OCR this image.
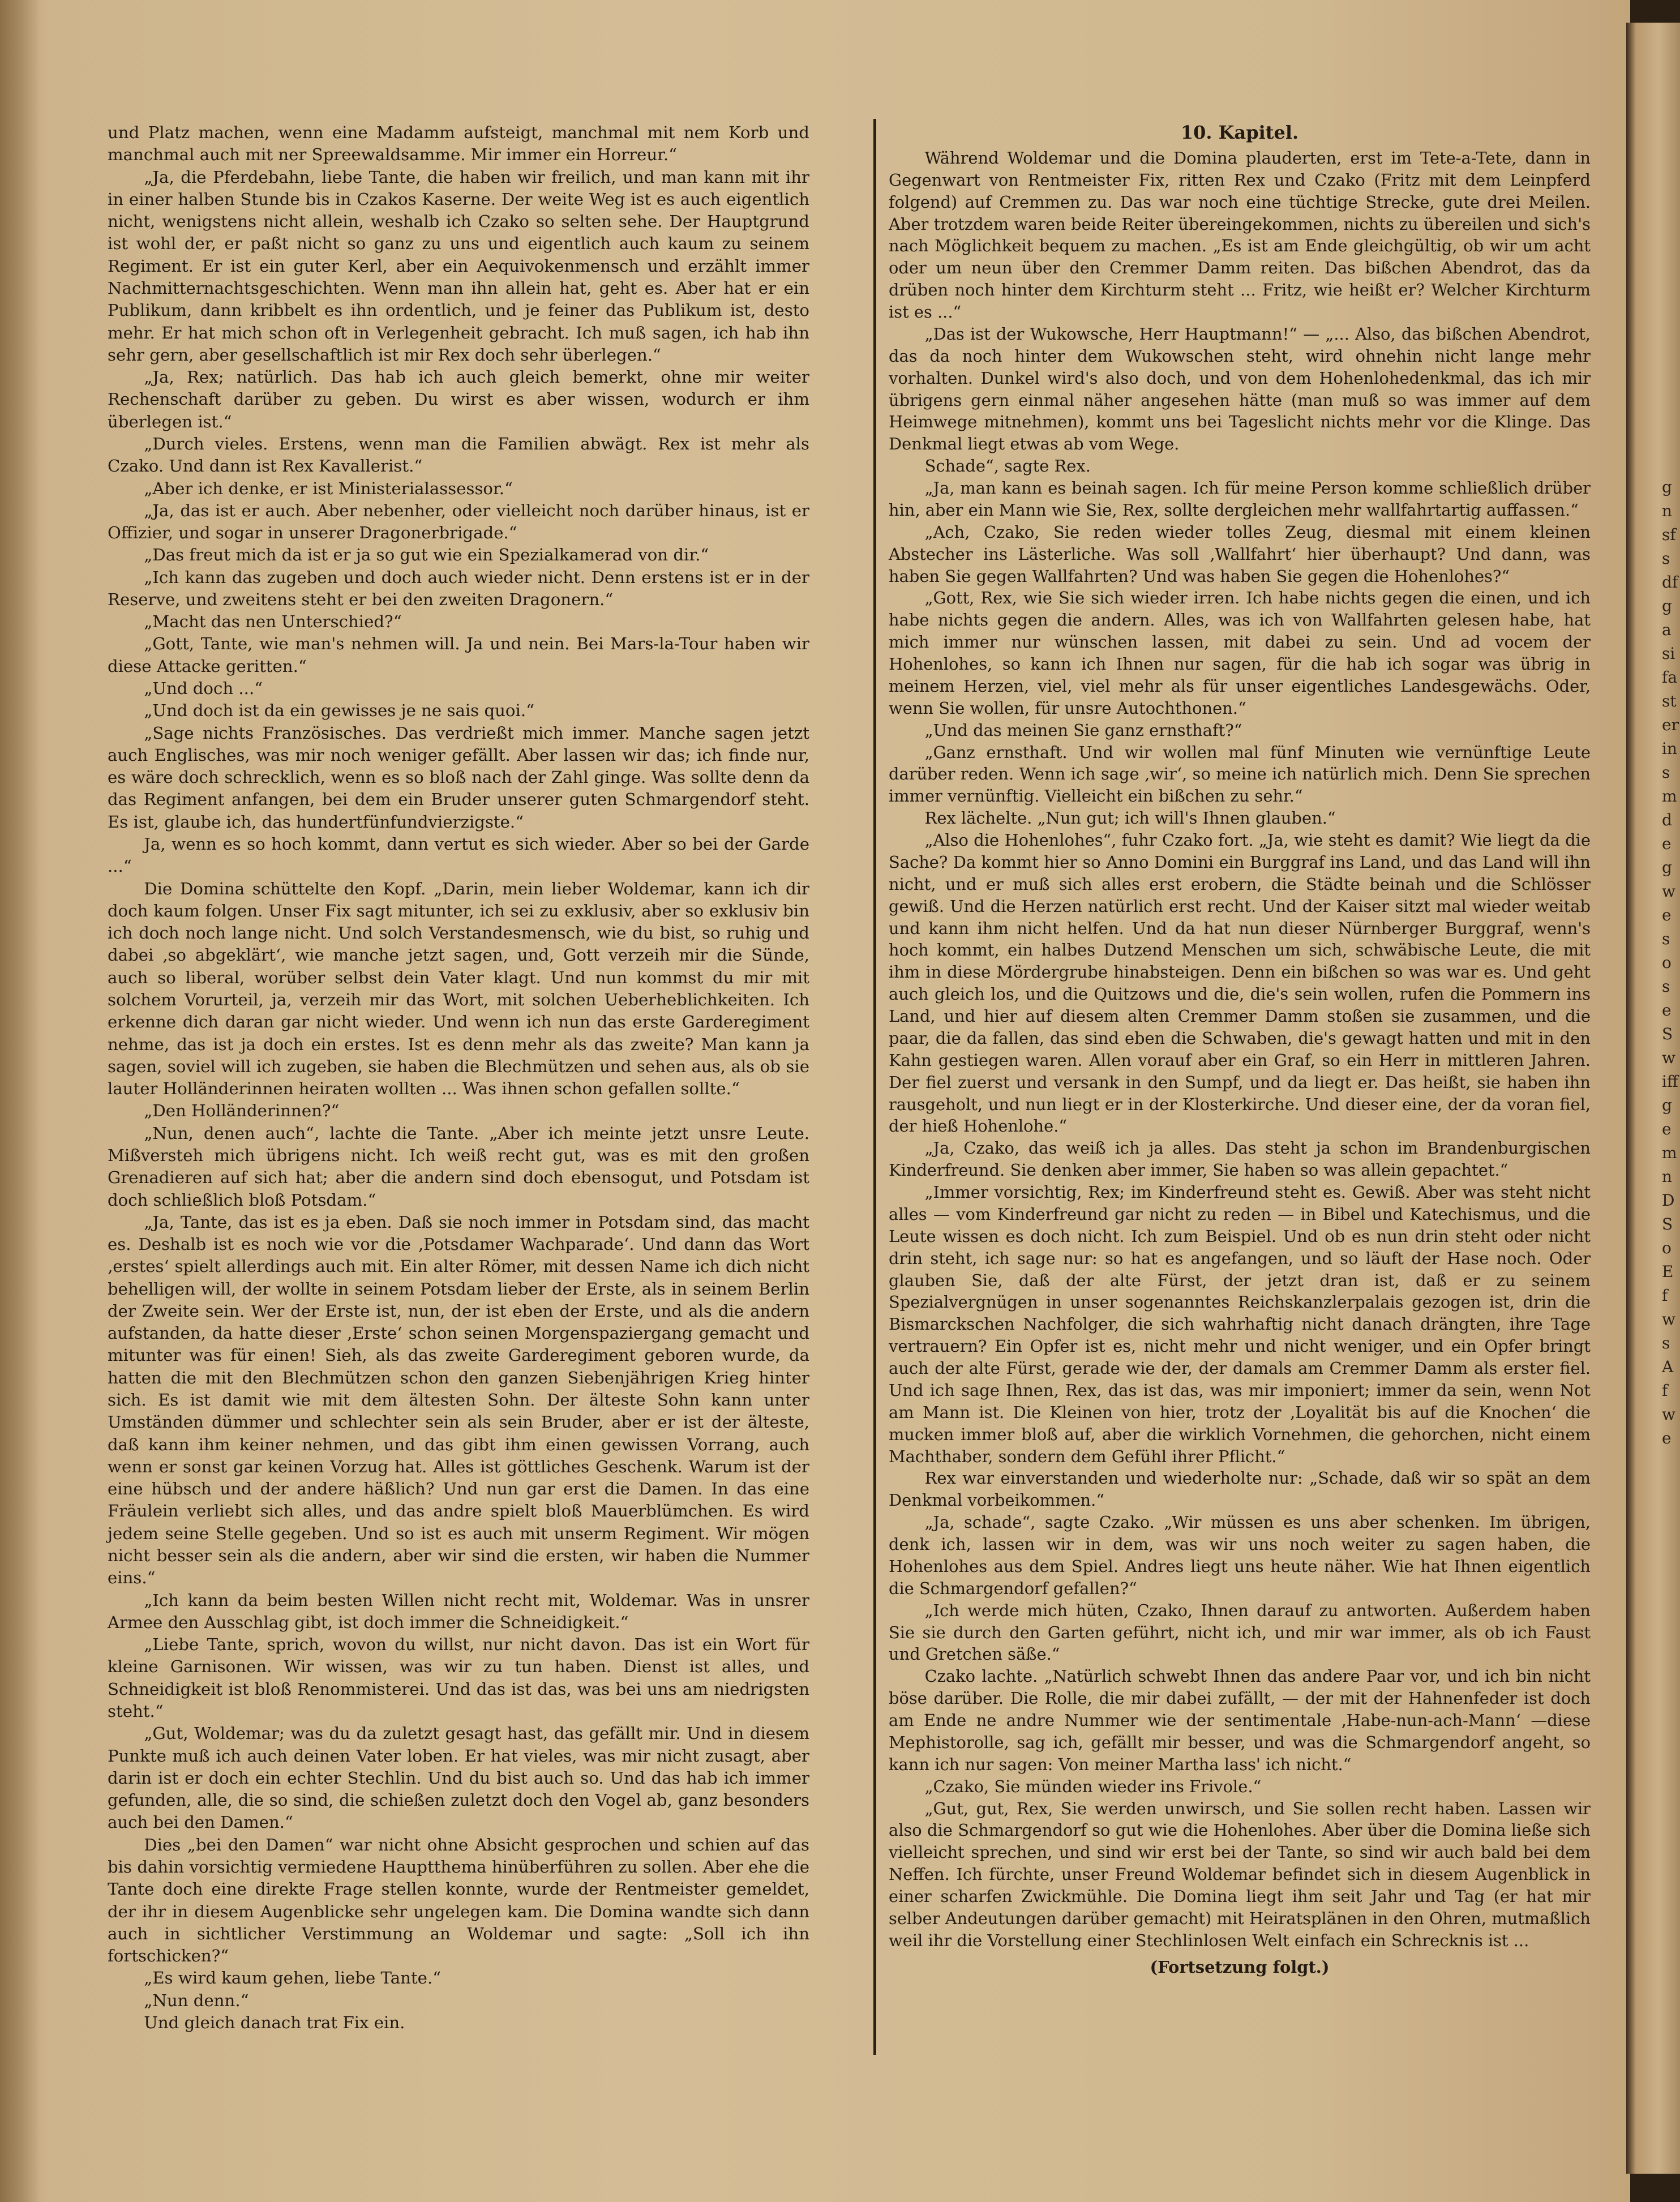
und Platz machen, wenn eine Madamm aufsteigt, manchmal mit nem Korb und manchmal auch mit ner Spreewaldsamme. Mir immer ein Horreur.“

„Ja, die Pferdebahn, liebe Tante, die haben wir freilich, und man kann mit ihr in einer halben Stunde bis in Czakos Kaserne. Der weite Weg ist es auch eigentlich nicht, wenigstens nicht allein, weshalb ich Czako so selten sehe. Der Hauptgrund ist wohl der, er paßt nicht so ganz zu uns und eigentlich auch kaum zu seinem Regiment. Er ist ein guter Kerl, aber ein Aequivokenmensch und erzählt immer Nachmitternachtsgeschichten. Wenn man ihn allein hat, geht es. Aber hat er ein Publikum, dann kribbelt es ihn ordentlich, und je feiner das Publikum ist, desto mehr. Er hat mich schon oft in Verlegenheit gebracht. Ich muß sagen, ich hab ihn sehr gern, aber gesellschaftlich ist mir Rex doch sehr überlegen.“

„Ja, Rex; natürlich. Das hab ich auch gleich bemerkt, ohne mir weiter Rechenschaft darüber zu geben. Du wirst es aber wissen, wodurch er ihm überlegen ist.“

„Durch vieles. Erstens, wenn man die Familien abwägt. Rex ist mehr als Czako. Und dann ist Rex Kavallerist.“

„Aber ich denke, er ist Ministerialassessor.“

„Ja, das ist er auch. Aber nebenher, oder vielleicht noch darüber hinaus, ist er Offizier, und sogar in unserer Dragonerbrigade.“

„Das freut mich da ist er ja so gut wie ein Spezialkamerad von dir.“

„Ich kann das zugeben und doch auch wieder nicht. Denn erstens ist er in der Reserve, und zweitens steht er bei den zweiten Dragonern.“

„Macht das nen Unterschied?“

„Gott, Tante, wie man's nehmen will. Ja und nein. Bei Mars-la-Tour haben wir diese Attacke geritten.“

„Und doch ...“

„Und doch ist da ein gewisses je ne sais quoi.“

„Sage nichts Französisches. Das verdrießt mich immer. Manche sagen jetzt auch Englisches, was mir noch weniger gefällt. Aber lassen wir das; ich finde nur, es wäre doch schrecklich, wenn es so bloß nach der Zahl ginge. Was sollte denn da das Regiment anfangen, bei dem ein Bruder unserer guten Schmargendorf steht. Es ist, glaube ich, das hundertfünfundvierzigste.“

Ja, wenn es so hoch kommt, dann vertut es sich wieder. Aber so bei der Garde ...“

Die Domina schüttelte den Kopf. „Darin, mein lieber Woldemar, kann ich dir doch kaum folgen. Unser Fix sagt mitunter, ich sei zu exklusiv, aber so exklusiv bin ich doch noch lange nicht. Und solch Verstandesmensch, wie du bist, so ruhig und dabei ‚so abgeklärt‘, wie manche jetzt sagen, und, Gott verzeih mir die Sünde, auch so liberal, worüber selbst dein Vater klagt. Und nun kommst du mir mit solchem Vorurteil, ja, verzeih mir das Wort, mit solchen Ueberheblichkeiten. Ich erkenne dich daran gar nicht wieder. Und wenn ich nun das erste Garderegiment nehme, das ist ja doch ein erstes. Ist es denn mehr als das zweite? Man kann ja sagen, soviel will ich zugeben, sie haben die Blechmützen und sehen aus, als ob sie lauter Holländerinnen heiraten wollten ... Was ihnen schon gefallen sollte.“

„Den Holländerinnen?“

„Nun, denen auch“, lachte die Tante. „Aber ich meinte jetzt unsre Leute. Mißversteh mich übrigens nicht. Ich weiß recht gut, was es mit den großen Grenadieren auf sich hat; aber die andern sind doch ebensogut, und Potsdam ist doch schließlich bloß Potsdam.“

„Ja, Tante, das ist es ja eben. Daß sie noch immer in Potsdam sind, das macht es. Deshalb ist es noch wie vor die ‚Potsdamer Wachparade‘. Und dann das Wort ‚erstes‘ spielt allerdings auch mit. Ein alter Römer, mit dessen Name ich dich nicht behelligen will, der wollte in seinem Potsdam lieber der Erste, als in seinem Berlin der Zweite sein. Wer der Erste ist, nun, der ist eben der Erste, und als die andern aufstanden, da hatte dieser ‚Erste‘ schon seinen Morgenspaziergang gemacht und mitunter was für einen! Sieh, als das zweite Garderegiment geboren wurde, da hatten die mit den Blechmützen schon den ganzen Siebenjährigen Krieg hinter sich. Es ist damit wie mit dem ältesten Sohn. Der älteste Sohn kann unter Umständen dümmer und schlechter sein als sein Bruder, aber er ist der älteste, daß kann ihm keiner nehmen, und das gibt ihm einen gewissen Vorrang, auch wenn er sonst gar keinen Vorzug hat. Alles ist göttliches Geschenk. Warum ist der eine hübsch und der andere häßlich? Und nun gar erst die Damen. In das eine Fräulein verliebt sich alles, und das andre spielt bloß Mauerblümchen. Es wird jedem seine Stelle gegeben. Und so ist es auch mit unserm Regiment. Wir mögen nicht besser sein als die andern, aber wir sind die ersten, wir haben die Nummer eins.“

„Ich kann da beim besten Willen nicht recht mit, Woldemar. Was in unsrer Armee den Ausschlag gibt, ist doch immer die Schneidigkeit.“

„Liebe Tante, sprich, wovon du willst, nur nicht davon. Das ist ein Wort für kleine Garnisonen. Wir wissen, was wir zu tun haben. Dienst ist alles, und Schneidigkeit ist bloß Renommisterei. Und das ist das, was bei uns am niedrigsten steht.“

„Gut, Woldemar; was du da zuletzt gesagt hast, das gefällt mir. Und in diesem Punkte muß ich auch deinen Vater loben. Er hat vieles, was mir nicht zusagt, aber darin ist er doch ein echter Stechlin. Und du bist auch so. Und das hab ich immer gefunden, alle, die so sind, die schießen zuletzt doch den Vogel ab, ganz besonders auch bei den Damen.“

Dies „bei den Damen“ war nicht ohne Absicht gesprochen und schien auf das bis dahin vorsichtig vermiedene Hauptthema hinüberführen zu sollen. Aber ehe die Tante doch eine direkte Frage stellen konnte, wurde der Rentmeister gemeldet, der ihr in diesem Augenblicke sehr ungelegen kam. Die Domina wandte sich dann auch in sichtlicher Verstimmung an Woldemar und sagte: „Soll ich ihn fortschicken?“

„Es wird kaum gehen, liebe Tante.“

„Nun denn.“

Und gleich danach trat Fix ein.

10. Kapitel.

Während Woldemar und die Domina plauderten, erst im Tete-a-Tete, dann in Gegenwart von Rentmeister Fix, ritten Rex und Czako (Fritz mit dem Leinpferd folgend) auf Cremmen zu. Das war noch eine tüchtige Strecke, gute drei Meilen. Aber trotzdem waren beide Reiter übereingekommen, nichts zu übereilen und sich's nach Möglichkeit bequem zu machen. „Es ist am Ende gleichgültig, ob wir um acht oder um neun über den Cremmer Damm reiten. Das bißchen Abendrot, das da drüben noch hinter dem Kirchturm steht ... Fritz, wie heißt er? Welcher Kirchturm ist es ...“

„Das ist der Wukowsche, Herr Hauptmann!“ — „... Also, das bißchen Abendrot, das da noch hinter dem Wukowschen steht, wird ohnehin nicht lange mehr vorhalten. Dunkel wird's also doch, und von dem Hohenlohedenkmal, das ich mir übrigens gern einmal näher angesehen hätte (man muß so was immer auf dem Heimwege mitnehmen), kommt uns bei Tageslicht nichts mehr vor die Klinge. Das Denkmal liegt etwas ab vom Wege.

Schade“, sagte Rex.

„Ja, man kann es beinah sagen. Ich für meine Person komme schließlich drüber hin, aber ein Mann wie Sie, Rex, sollte dergleichen mehr wallfahrtartig auffassen.“

„Ach, Czako, Sie reden wieder tolles Zeug, diesmal mit einem kleinen Abstecher ins Lästerliche. Was soll ‚Wallfahrt‘ hier überhaupt? Und dann, was haben Sie gegen Wallfahrten? Und was haben Sie gegen die Hohenlohes?“

„Gott, Rex, wie Sie sich wieder irren. Ich habe nichts gegen die einen, und ich habe nichts gegen die andern. Alles, was ich von Wallfahrten gelesen habe, hat mich immer nur wünschen lassen, mit dabei zu sein. Und ad vocem der Hohenlohes, so kann ich Ihnen nur sagen, für die hab ich sogar was übrig in meinem Herzen, viel, viel mehr als für unser eigentliches Landesgewächs. Oder, wenn Sie wollen, für unsre Autochthonen.“

„Und das meinen Sie ganz ernsthaft?“

„Ganz ernsthaft. Und wir wollen mal fünf Minuten wie vernünftige Leute darüber reden. Wenn ich sage ‚wir‘, so meine ich natürlich mich. Denn Sie sprechen immer vernünftig. Vielleicht ein bißchen zu sehr.“

Rex lächelte. „Nun gut; ich will's Ihnen glauben.“

„Also die Hohenlohes“, fuhr Czako fort. „Ja, wie steht es damit? Wie liegt da die Sache? Da kommt hier so Anno Domini ein Burggraf ins Land, und das Land will ihn nicht, und er muß sich alles erst erobern, die Städte beinah und die Schlösser gewiß. Und die Herzen natürlich erst recht. Und der Kaiser sitzt mal wieder weitab und kann ihm nicht helfen. Und da hat nun dieser Nürnberger Burggraf, wenn's hoch kommt, ein halbes Dutzend Menschen um sich, schwäbische Leute, die mit ihm in diese Mördergrube hinabsteigen. Denn ein bißchen so was war es. Und geht auch gleich los, und die Quitzows und die, die's sein wollen, rufen die Pommern ins Land, und hier auf diesem alten Cremmer Damm stoßen sie zusammen, und die paar, die da fallen, das sind eben die Schwaben, die's gewagt hatten und mit in den Kahn gestiegen waren. Allen vorauf aber ein Graf, so ein Herr in mittleren Jahren. Der fiel zuerst und versank in den Sumpf, und da liegt er. Das heißt, sie haben ihn rausgeholt, und nun liegt er in der Klosterkirche. Und dieser eine, der da voran fiel, der hieß Hohenlohe.“

„Ja, Czako, das weiß ich ja alles. Das steht ja schon im Brandenburgischen Kinderfreund. Sie denken aber immer, Sie haben so was allein gepachtet.“

„Immer vorsichtig, Rex; im Kinderfreund steht es. Gewiß. Aber was steht nicht alles — vom Kinderfreund gar nicht zu reden — in Bibel und Katechismus, und die Leute wissen es doch nicht. Ich zum Beispiel. Und ob es nun drin steht oder nicht drin steht, ich sage nur: so hat es angefangen, und so läuft der Hase noch. Oder glauben Sie, daß der alte Fürst, der jetzt dran ist, daß er zu seinem Spezialvergnügen in unser sogenanntes Reichskanzlerpalais gezogen ist, drin die Bismarckschen Nachfolger, die sich wahrhaftig nicht danach drängten, ihre Tage vertrauern? Ein Opfer ist es, nicht mehr und nicht weniger, und ein Opfer bringt auch der alte Fürst, gerade wie der, der damals am Cremmer Damm als erster fiel. Und ich sage Ihnen, Rex, das ist das, was mir imponiert; immer da sein, wenn Not am Mann ist. Die Kleinen von hier, trotz der ‚Loyalität bis auf die Knochen‘ die mucken immer bloß auf, aber die wirklich Vornehmen, die gehorchen, nicht einem Machthaber, sondern dem Gefühl ihrer Pflicht.“

Rex war einverstanden und wiederholte nur: „Schade, daß wir so spät an dem Denkmal vorbeikommen.“

„Ja, schade“, sagte Czako. „Wir müssen es uns aber schenken. Im übrigen, denk ich, lassen wir in dem, was wir uns noch weiter zu sagen haben, die Hohenlohes aus dem Spiel. Andres liegt uns heute näher. Wie hat Ihnen eigentlich die Schmargendorf gefallen?“

„Ich werde mich hüten, Czako, Ihnen darauf zu antworten. Außerdem haben Sie sie durch den Garten geführt, nicht ich, und mir war immer, als ob ich Faust und Gretchen säße.“

Czako lachte. „Natürlich schwebt Ihnen das andere Paar vor, und ich bin nicht böse darüber. Die Rolle, die mir dabei zufällt, — der mit der Hahnenfeder ist doch am Ende ne andre Nummer wie der sentimentale ‚Habe-nun-ach-Mann‘ —diese Mephistorolle, sag ich, gefällt mir besser, und was die Schmargendorf angeht, so kann ich nur sagen: Von meiner Martha lass' ich nicht.“

„Czako, Sie münden wieder ins Frivole.“

„Gut, gut, Rex, Sie werden unwirsch, und Sie sollen recht haben. Lassen wir also die Schmargendorf so gut wie die Hohenlohes. Aber über die Domina ließe sich vielleicht sprechen, und sind wir erst bei der Tante, so sind wir auch bald bei dem Neffen. Ich fürchte, unser Freund Woldemar befindet sich in diesem Augenblick in einer scharfen Zwickmühle. Die Domina liegt ihm seit Jahr und Tag (er hat mir selber Andeutungen darüber gemacht) mit Heiratsplänen in den Ohren, mutmaßlich weil ihr die Vorstellung einer Stechlinlosen Welt einfach ein Schrecknis ist ...

(Fortsetzung folgt.)
gnsfsdfgasifasterinsmdegwesoseSwiffgemnDSoEfwsAfwe
